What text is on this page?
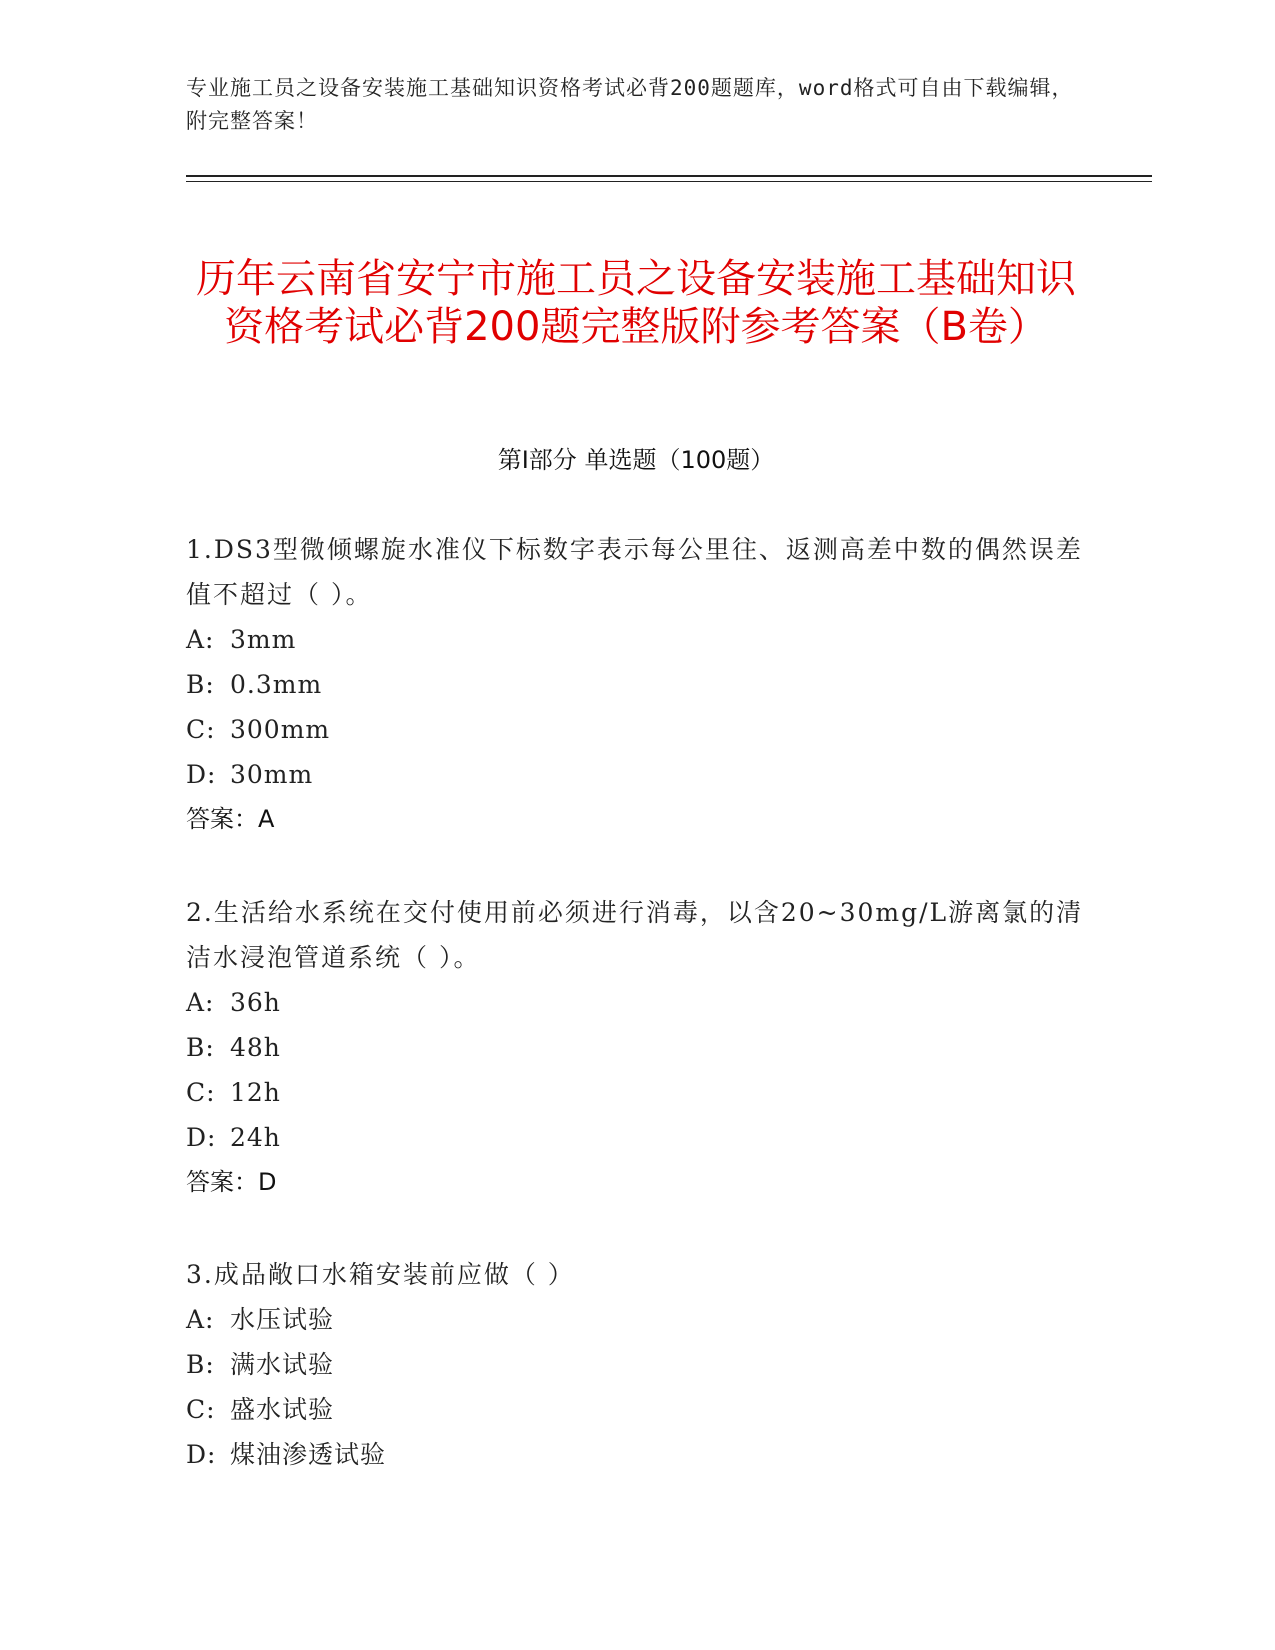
专业施工员之设备安装施工基础知识资格考试必背200题题库，word格式可自由下载编辑，附完整答案！
历年云南省安宁市施工员之设备安装施工基础知识资格考试必背200题完整版附参考答案（B卷）
第Ⅰ部分 单选题（100题）

1.DS3型微倾螺旋水准仪下标数字表示每公里往、返测高差中数的偶然误差值不超过（ ）。

A: 3mm

B: 0.3mm

C: 300mm

D: 30mm

答案：A

2.生活给水系统在交付使用前必须进行消毒，以含20~30mg/L游离氯的清洁水浸泡管道系统（ ）。

A: 36h

B: 48h

C: 12h

D: 24h

答案：D

3.成品敞口水箱安装前应做（ ）

A: 水压试验

B: 满水试验

C: 盛水试验

D: 煤油渗透试验
